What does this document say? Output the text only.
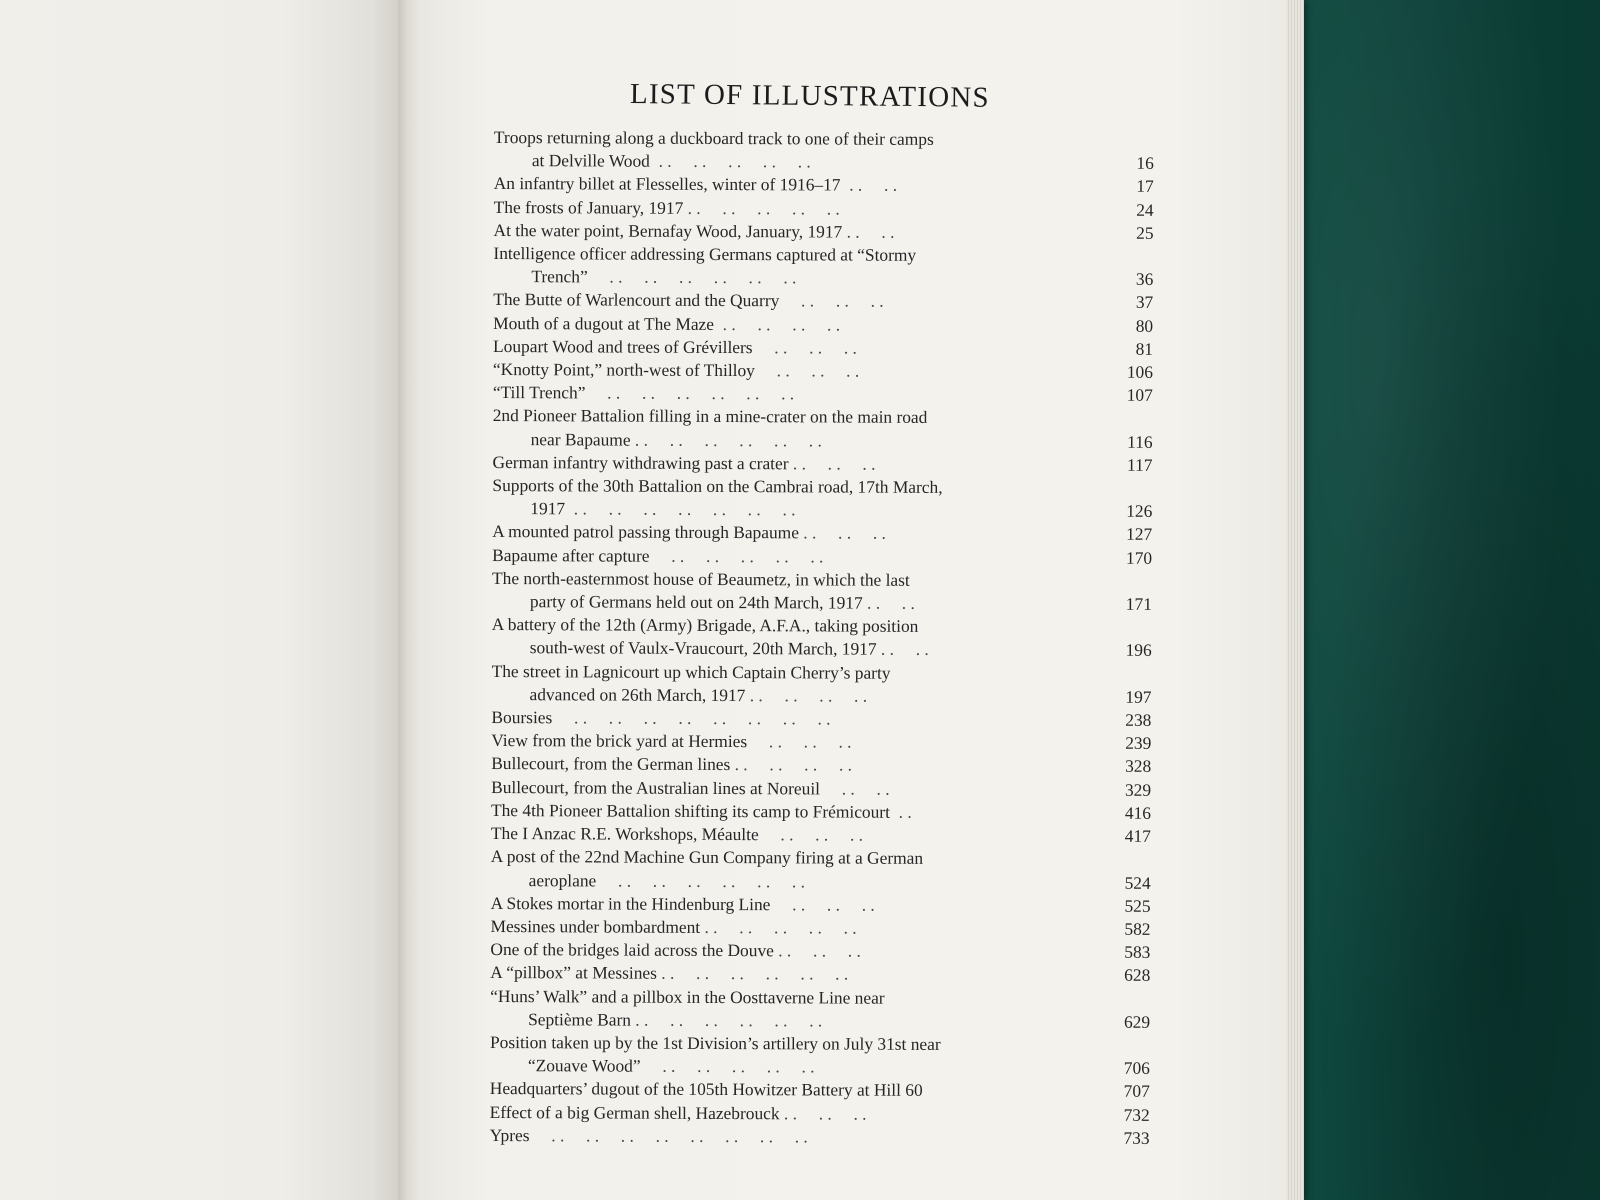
LIST OF ILLUSTRATIONS
Troops returning along a duckboard track to one of their camps
at Delville Wood  . .     . .     . .     . .     . .	16
An infantry billet at Flesselles, winter of 1916–17  . .     . .	17
The frosts of January, 1917 . .     . .     . .     . .     . .	24
At the water point, Bernafay Wood, January, 1917 . .     . .	25
Intelligence officer addressing Germans captured at “Stormy
Trench”     . .     . .     . .     . .     . .     . .	36
The Butte of Warlencourt and the Quarry     . .     . .     . .	37
Mouth of a dugout at The Maze  . .     . .     . .     . .	80
Loupart Wood and trees of Grévillers     . .     . .     . .	81
“Knotty Point,” north-west of Thilloy     . .     . .     . .	106
“Till Trench”     . .     . .     . .     . .     . .     . .	107
2nd Pioneer Battalion filling in a mine-crater on the main road
near Bapaume . .     . .     . .     . .     . .     . .	116
German infantry withdrawing past a crater . .     . .     . .	117
Supports of the 30th Battalion on the Cambrai road, 17th March,
1917  . .     . .     . .     . .     . .     . .     . .	126
A mounted patrol passing through Bapaume . .     . .     . .	127
Bapaume after capture     . .     . .     . .     . .     . .	170
The north-easternmost house of Beaumetz, in which the last
party of Germans held out on 24th March, 1917 . .     . .	171
A battery of the 12th (Army) Brigade, A.F.A., taking position
south-west of Vaulx-Vraucourt, 20th March, 1917 . .     . .	196
The street in Lagnicourt up which Captain Cherry’s party
advanced on 26th March, 1917 . .     . .     . .     . .	197
Boursies     . .     . .     . .     . .     . .     . .     . .     . .	238
View from the brick yard at Hermies     . .     . .     . .	239
Bullecourt, from the German lines . .     . .     . .     . .	328
Bullecourt, from the Australian lines at Noreuil     . .     . .	329
The 4th Pioneer Battalion shifting its camp to Frémicourt  . .	416
The I Anzac R.E. Workshops, Méaulte     . .     . .     . .	417
A post of the 22nd Machine Gun Company firing at a German
aeroplane     . .     . .     . .     . .     . .     . .	524
A Stokes mortar in the Hindenburg Line     . .     . .     . .	525
Messines under bombardment . .     . .     . .     . .     . .	582
One of the bridges laid across the Douve . .     . .     . .	583
A “pillbox” at Messines . .     . .     . .     . .     . .     . .	628
“Huns’ Walk” and a pillbox in the Oosttaverne Line near
Septième Barn . .     . .     . .     . .     . .     . .	629
Position taken up by the 1st Division’s artillery on July 31st near
“Zouave Wood”     . .     . .     . .     . .     . .	706
Headquarters’ dugout of the 105th Howitzer Battery at Hill 60	707
Effect of a big German shell, Hazebrouck . .     . .     . .	732
Ypres     . .     . .     . .     . .     . .     . .     . .     . .	733
